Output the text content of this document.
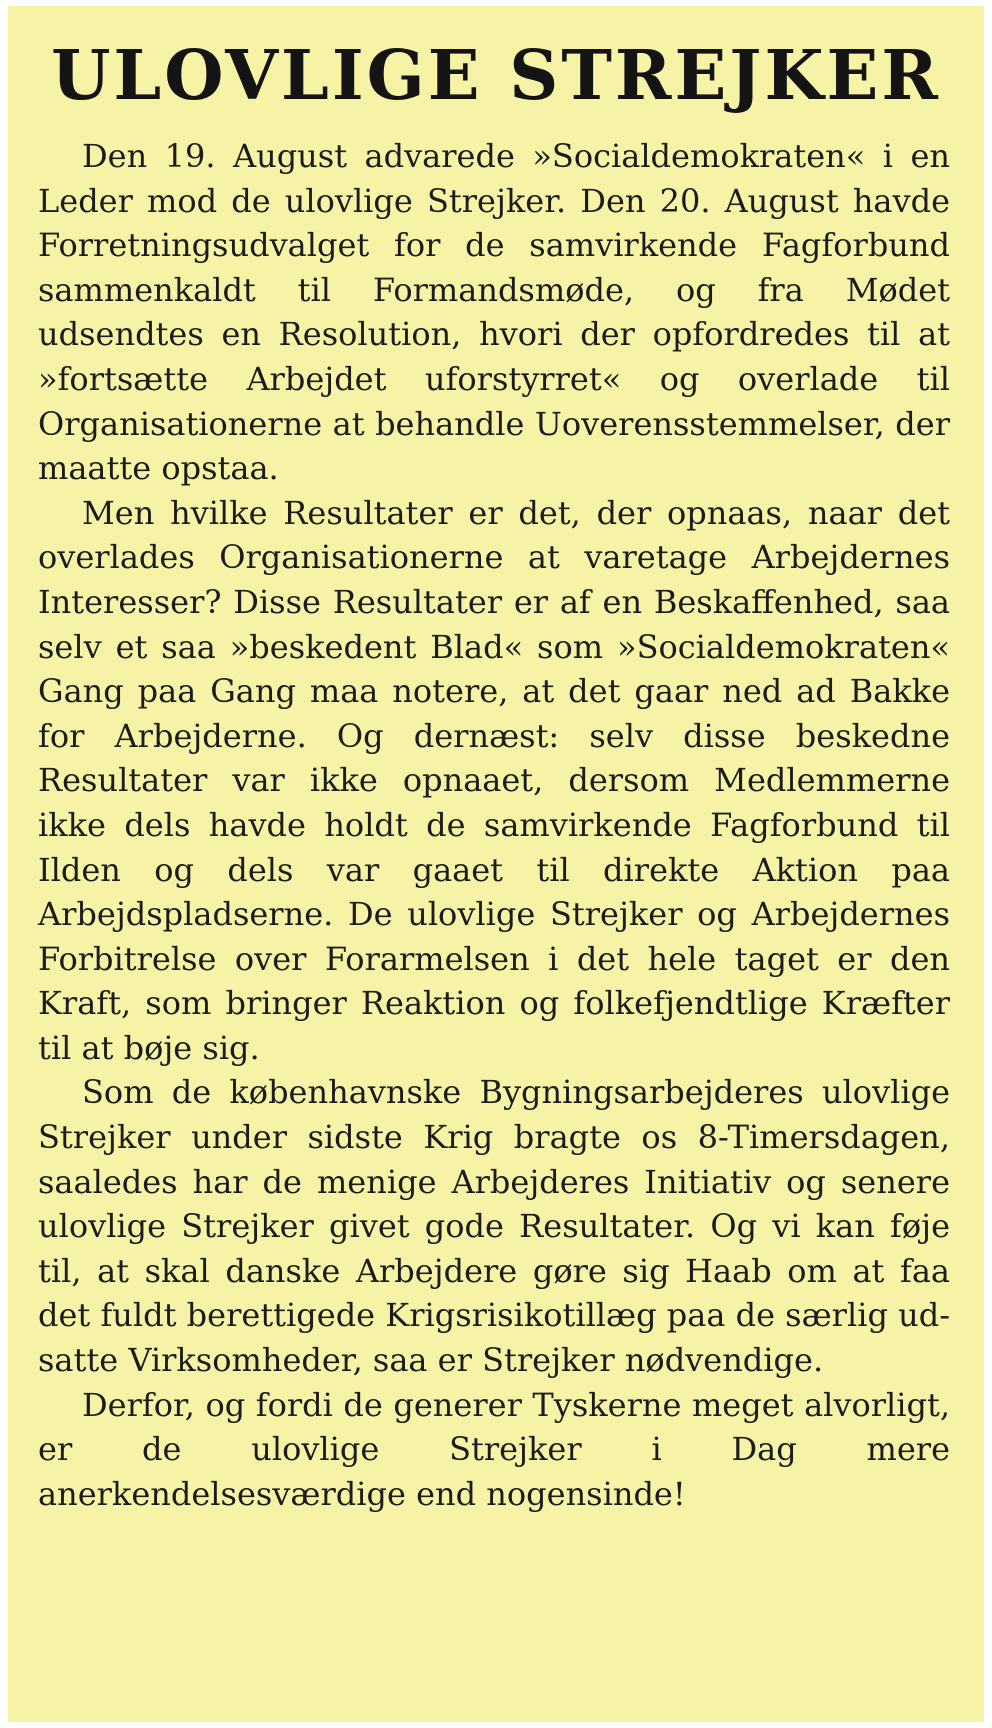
ULOVLIGE STREJKER

Den 19. August advarede »Socialdemokraten« i en Leder mod de ulovlige Strejker. Den 20. August havde Forretningsudvalget for de samvirkende Fagforbund sammenkaldt til Formandsmøde, og fra Mødet udsendtes en Resolution, hvori der opfordredes til at »fortsætte Arbejdet uforstyrret« og overlade til Organisationerne at behandle Uoverensstemmelser, der maatte opstaa.

Men hvilke Resultater er det, der opnaas, naar det overlades Organisationerne at varetage Arbejdernes Interesser? Disse Resultater er af en Beskaffenhed, saa selv et saa »beskedent Blad« som »Socialdemokraten« Gang paa Gang maa notere, at det gaar ned ad Bakke for Arbejderne. Og dernæst: selv disse beskedne Resultater var ikke opnaaet, dersom Medlemmerne ikke dels havde holdt de samvirkende Fagforbund til Ilden og dels var gaaet til direkte Aktion paa Arbejdspladserne. De ulovlige Strejker og Arbejdernes Forbitrelse over Forarmelsen i det hele taget er den Kraft, som bringer Reaktion og folkefjendtlige Kræfter til at bøje sig.

Som de københavnske Bygningsarbejderes ulovlige Strejker under sidste Krig bragte os 8-Timersdagen, saaledes har de menige Arbejderes Initiativ og senere ulovlige Strejker givet gode Resultater. Og vi kan føje til, at skal danske Arbejdere gøre sig Haab om at faa det fuldt berettigede Krigsrisikotillæg paa de særlig udsatte Virksomheder, saa er Strejker nødvendige.

Derfor, og fordi de generer Tyskerne meget alvorligt, er de ulovlige Strejker i Dag mere anerkendelsesværdige end nogensinde!
